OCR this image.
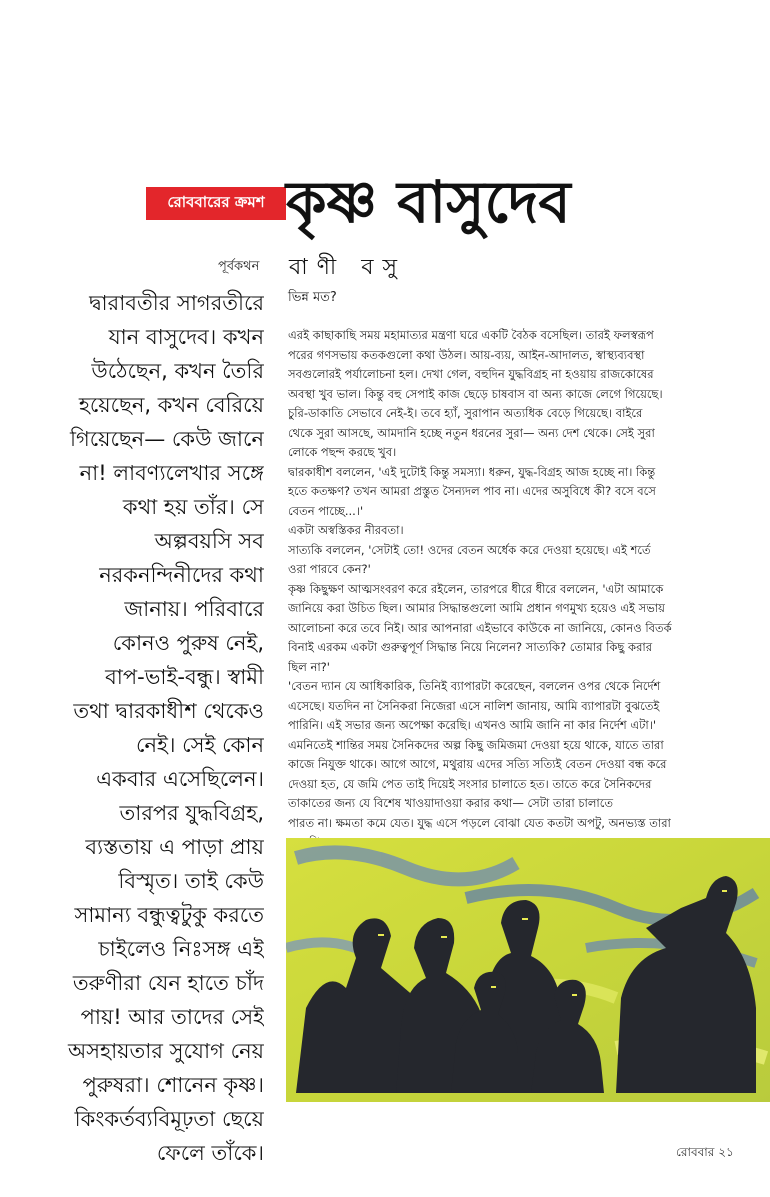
রোববারের ক্রমশ কৃষ্ণ বাসুদেব
পূর্বকথন বাণী বসু
দ্বারাবতীর সাগরতীরে
যান বাসুদেব। কখন
উঠেছেন, কখন তৈরি
হয়েছেন, কখন বেরিয়ে
গিয়েছেন— কেউ জানে
না! লাবণ্যলেখার সঙ্গে
কথা হয় তাঁর। সে
অল্পবয়সি সব
নরকনন্দিনীদের কথা
জানায়। পরিবারে
কোনও পুরুষ নেই,
বাপ-ভাই-বন্ধু। স্বামী
তথা দ্বারকাধীশ থেকেও
নেই। সেই কোন
একবার এসেছিলেন।
তারপর যুদ্ধবিগ্রহ,
ব্যস্ততায় এ পাড়া প্রায়
বিস্মৃত। তাই কেউ
সামান্য বন্ধুত্বটুকু করতে
চাইলেও নিঃসঙ্গ এই
তরুণীরা যেন হাতে চাঁদ
পায়! আর তাদের সেই
অসহায়তার সুযোগ নেয়
পুরুষরা। শোনেন কৃষ্ণ।
কিংকর্তব্যবিমূঢ়তা ছেয়ে
ফেলে তাঁকে।
ভিন্ন মত?
এরই কাছাকাছি সময় মহামাত্যর মন্ত্রণা ঘরে একটি বৈঠক বসেছিল। তারই ফলস্বরূপ
পরের গণসভায় কতকগুলো কথা উঠল। আয়-ব্যয়, আইন-আদালত, স্বাস্থ্যব্যবস্থা
সবগুলোরই পর্যালোচনা হল। দেখা গেল, বহুদিন যুদ্ধবিগ্রহ না হওয়ায় রাজকোষের
অবস্থা খুব ভাল। কিন্তু বহু সেপাই কাজ ছেড়ে চাষবাস বা অন্য কাজে লেগে গিয়েছে।
চুরি-ডাকাতি সেভাবে নেই-ই। তবে হ্যাঁ, সুরাপান অত্যধিক বেড়ে গিয়েছে। বাইরে
থেকে সুরা আসছে, আমদানি হচ্ছে নতুন ধরনের সুরা— অন্য দেশ থেকে। সেই সুরা
লোকে পছন্দ করছে খুব।
দ্বারকাধীশ বললেন, 'এই দুটোই কিন্তু সমস্যা। ধরুন, যুদ্ধ-বিগ্রহ আজ হচ্ছে না। কিন্তু
হতে কতক্ষণ? তখন আমরা প্রস্তুত সৈন্যদল পাব না। এদের অসুবিধে কী? বসে বসে
বেতন পাচ্ছে...।'
একটা অস্বস্তিকর নীরবতা।
সাত্যকি বললেন, 'সেটাই তো! ওদের বেতন অর্ধেক করে দেওয়া হয়েছে। এই শর্তে
ওরা পারবে কেন?'
কৃষ্ণ কিছুক্ষণ আত্মসংবরণ করে রইলেন, তারপরে ধীরে ধীরে বললেন, 'এটা আমাকে
জানিয়ে করা উচিত ছিল। আমার সিদ্ধান্তগুলো আমি প্রধান গণমুখ্য হয়েও এই সভায়
আলোচনা করে তবে নিই। আর আপনারা এইভাবে কাউকে না জানিয়ে, কোনও বিতর্ক
বিনাই এরকম একটা গুরুত্বপূর্ণ সিদ্ধান্ত নিয়ে নিলেন? সাত্যকি? তোমার কিছু করার
ছিল না?'
'বেতন দ্যান যে আধিকারিক, তিনিই ব্যাপারটা করেছেন, বললেন ওপর থেকে নির্দেশ
এসেছে। যতদিন না সৈনিকরা নিজেরা এসে নালিশ জানায়, আমি ব্যাপারটা বুঝতেই
পারিনি। এই সভার জন্য অপেক্ষা করেছি। এখনও আমি জানি না কার নির্দেশ এটা।'
এমনিতেই শান্তির সময় সৈনিকদের অল্প কিছু জমিজমা দেওয়া হয়ে থাকে, যাতে তারা
কাজে নিযুক্ত থাকে। আগে আগে, মথুরায় এদের সত্যি সত্যিই বেতন দেওয়া বন্ধ করে
দেওয়া হত, যে জমি পেত তাই দিয়েই সংসার চালাতে হত। তাতে করে সৈনিকদের
তাকাতের জন্য যে বিশেষ খাওয়াদাওয়া করার কথা— সেটা তারা চালাতে
পারত না। ক্ষমতা কমে যেত। যুদ্ধ এসে পড়লে বোঝা যেত কতটা অপটু, অনভ্যস্ত তারা
রোববার ২১
